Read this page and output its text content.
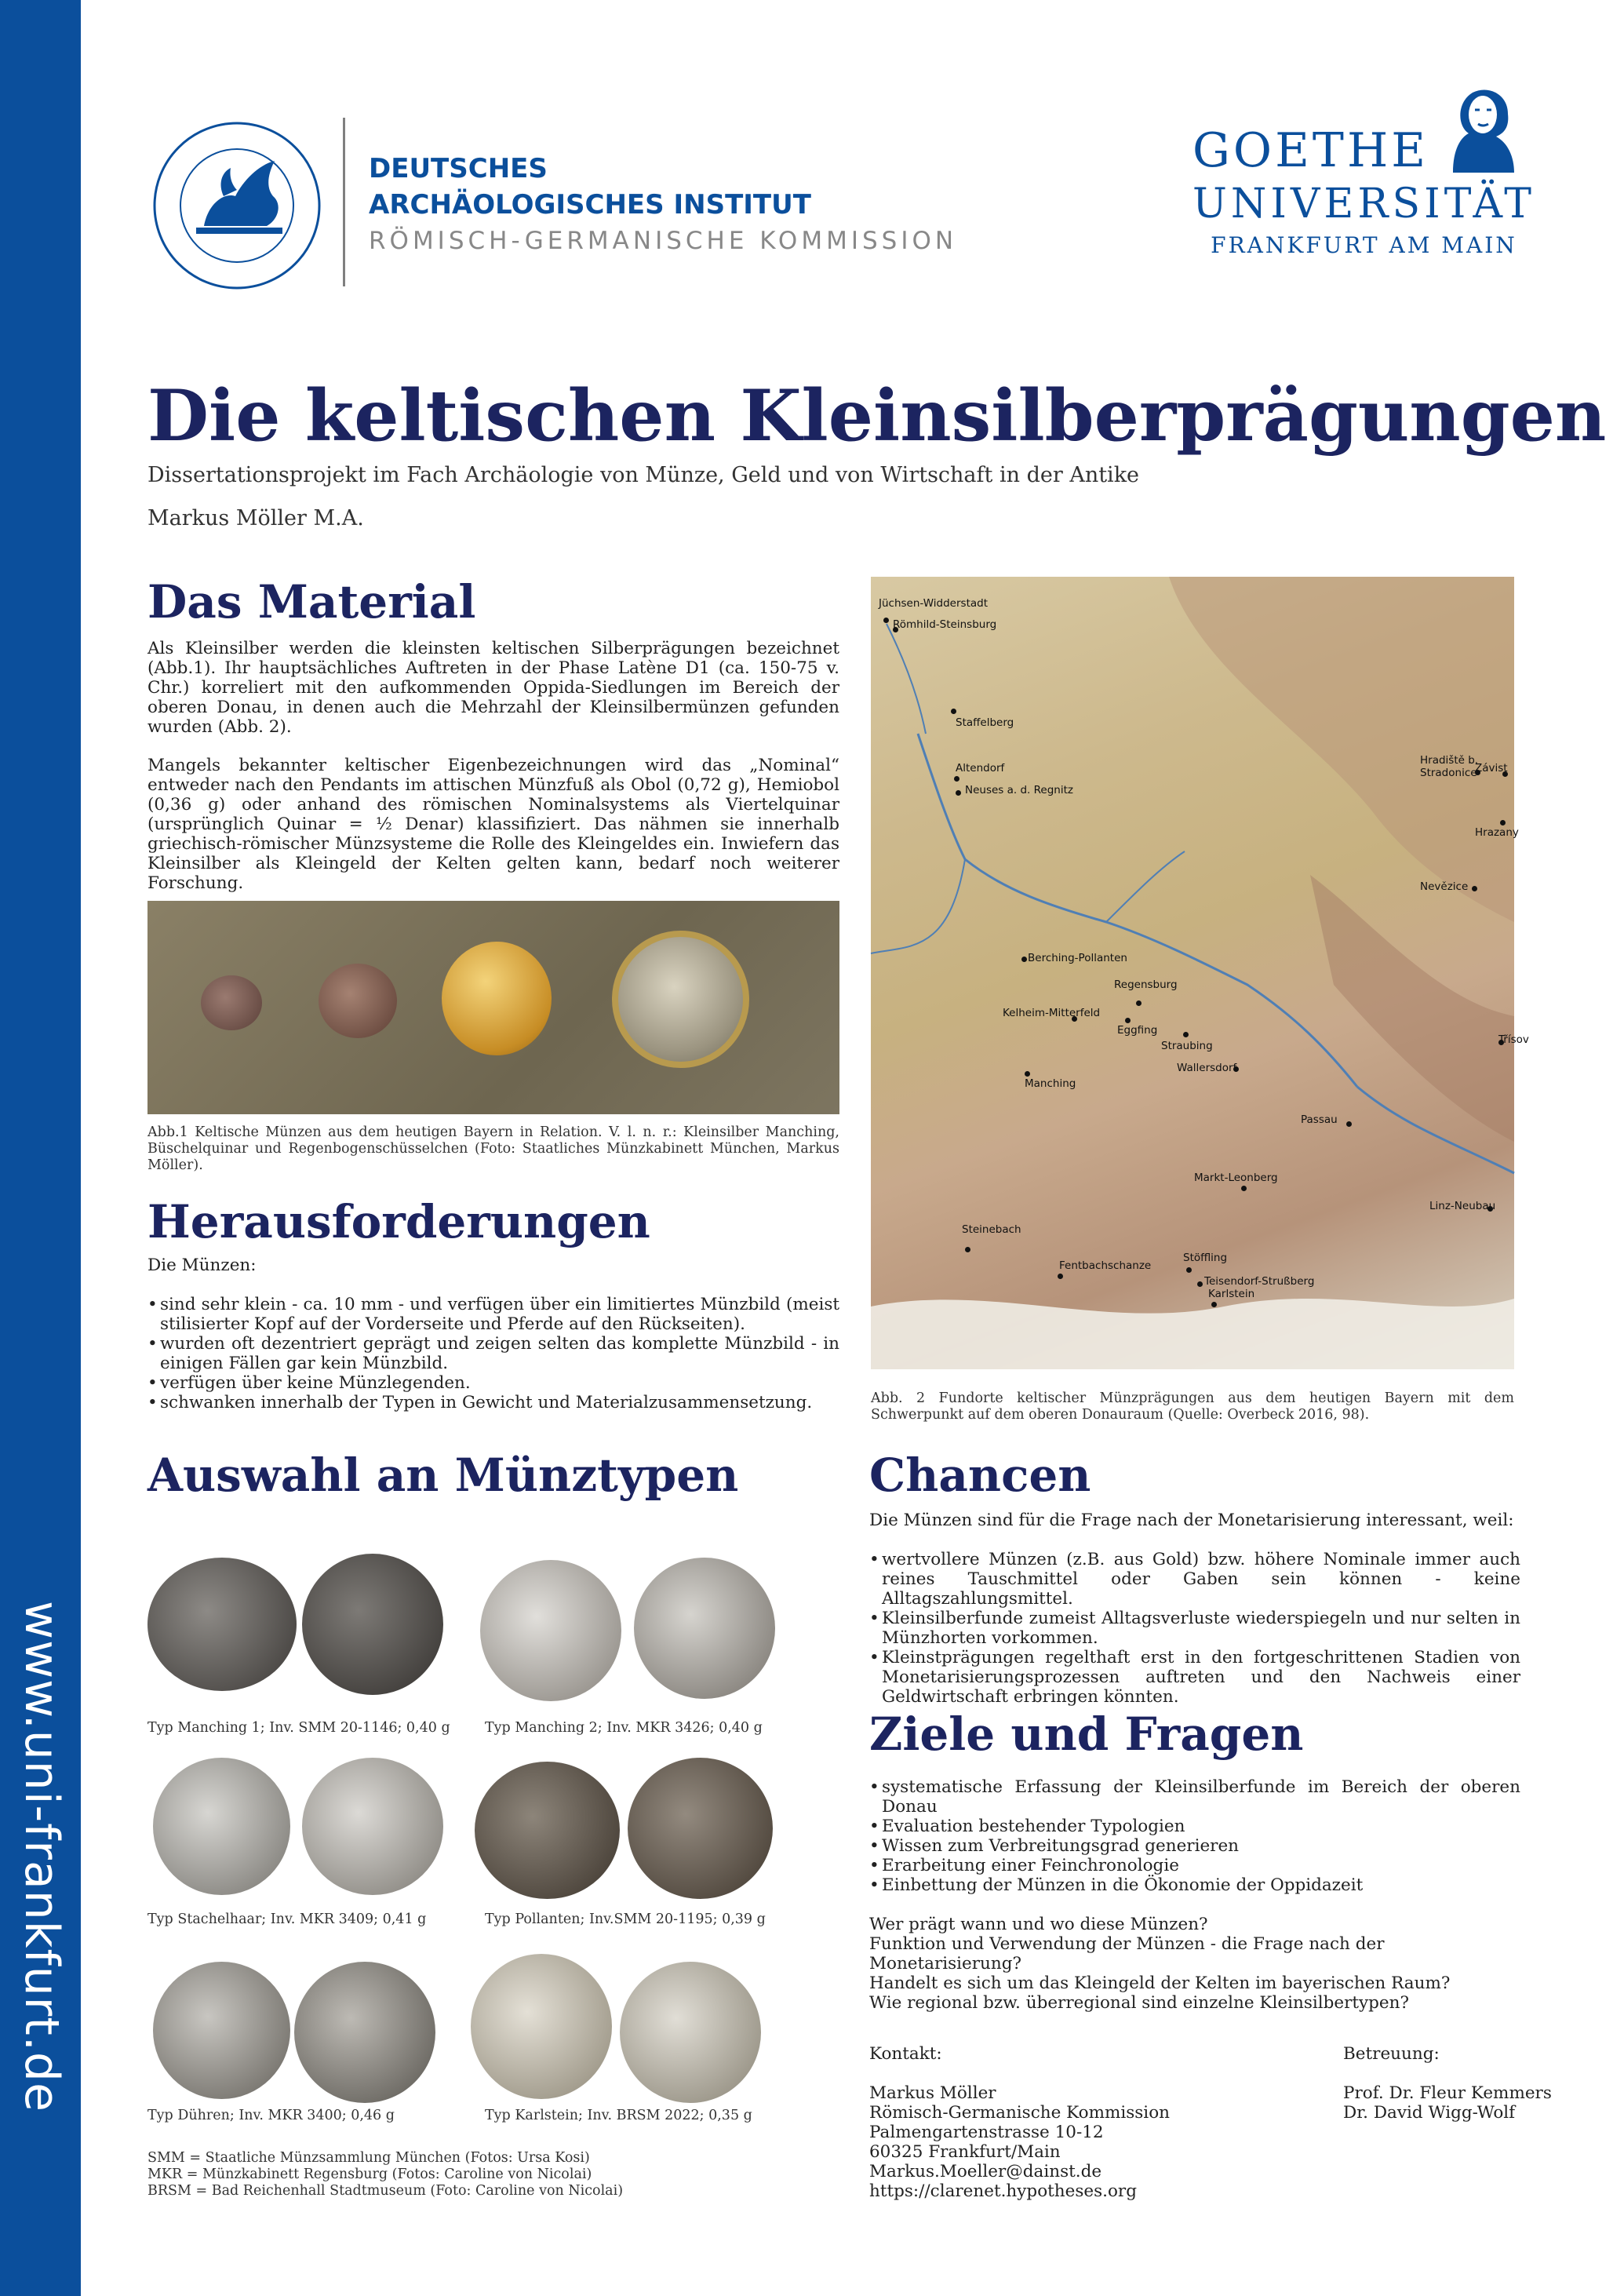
www.uni-frankfurt.de
DEUTSCHES
ARCHÄOLOGISCHES INSTITUT
RÖMISCH-GERMANISCHE KOMMISSION
GOETHE
UNIVERSITÄT
FRANKFURT AM MAIN
Die keltischen Kleinsilberprägungen
Dissertationsprojekt im Fach Archäologie von Münze, Geld und von Wirtschaft in der Antike
Markus Möller M.A.
Das Material

Als Kleinsilber werden die kleinsten keltischen Silberprägungen bezeichnet (Abb.1). Ihr hauptsächliches Auftreten in der Phase Latène D1 (ca. 150-75 v. Chr.) korreliert mit den aufkommenden Oppida-Siedlungen im Bereich der oberen Donau, in denen auch die Mehrzahl der Kleinsilbermünzen gefunden wurden (Abb. 2).

Mangels bekannter keltischer Eigenbezeichnungen wird das „Nominal“ entweder nach den Pendants im attischen Münzfuß als Obol (0,72 g), Hemiobol (0,36 g) oder anhand des römischen Nominalsystems als Viertelquinar (ursprünglich Quinar = ½ Denar) klassifiziert. Das nähmen sie innerhalb griechisch-römischer Münzsysteme die Rolle des Kleingeldes ein. Inwiefern das Kleinsilber als Kleingeld der Kelten gelten kann, bedarf noch weiterer Forschung.

Abb.1 Keltische Münzen aus dem heutigen Bayern in Relation. V. l. n. r.: Kleinsilber Manching, Büschelquinar und Regenbogenschüsselchen (Foto: Staatliches Münzkabinett München, Markus Möller).

Jüchsen-Widderstadt
Römhild-Steinsburg
Staffelberg
Altendorf
Neuses a. d. Regnitz
Hradiště b. Stradonice
Závist
Hrazany
Nevězice
Berching-Pollanten
Regensburg
Kelheim-Mitterfeld
Eggfing
Straubing	Třísov
Manching
Wallersdorf
Passau
Markt-Leonberg
Linz-Neubau
Steinebach
Fentbachschanze
Stöffling
Teisendorf-Strußberg
Karlstein

Abb. 2 Fundorte keltischer Münzprägungen aus dem heutigen Bayern mit dem Schwerpunkt auf dem oberen Donauraum (Quelle: Overbeck 2016, 98).

Herausforderungen
Die Münzen:
• sind sehr klein - ca. 10 mm - und verfügen über ein limitiertes Münzbild (meist stilisierter Kopf auf der Vorderseite und Pferde auf den Rückseiten).
• wurden oft dezentriert geprägt und zeigen selten das komplette Münzbild - in einigen Fällen gar kein Münzbild.
• verfügen über keine Münzlegenden.
• schwanken innerhalb der Typen in Gewicht und Materialzusammensetzung.
Auswahl an Münztypen
Typ Manching 1; Inv. SMM 20-1146; 0,40 g	Typ Manching 2; Inv. MKR 3426; 0,40 g
Typ Stachelhaar; Inv. MKR 3409; 0,41 g	Typ Pollanten; Inv.SMM 20-1195; 0,39 g
Typ Dühren; Inv. MKR 3400; 0,46 g	Typ Karlstein; Inv. BRSM 2022; 0,35 g
SMM = Staatliche Münzsammlung München (Fotos: Ursa Kosi)
MKR = Münzkabinett Regensburg (Fotos: Caroline von Nicolai)
BRSM = Bad Reichenhall Stadtmuseum (Foto: Caroline von Nicolai)
Chancen
Die Münzen sind für die Frage nach der Monetarisierung interessant, weil:
• wertvollere Münzen (z.B. aus Gold) bzw. höhere Nominale immer auch reines Tauschmittel oder Gaben sein können - keine Alltagszahlungsmittel.
• Kleinsilberfunde zumeist Alltagsverluste wiederspiegeln und nur selten in Münzhorten vorkommen.
• Kleinstprägungen regelthaft erst in den fortgeschrittenen Stadien von Monetarisierungsprozessen auftreten und den Nachweis einer Geldwirtschaft erbringen könnten.
Ziele und Fragen
• systematische Erfassung der Kleinsilberfunde im Bereich der oberen Donau
• Evaluation bestehender Typologien
• Wissen zum Verbreitungsgrad generieren
• Erarbeitung einer Feinchronologie
• Einbettung der Münzen in die Ökonomie der Oppidazeit
Wer prägt wann und wo diese Münzen?
Funktion und Verwendung der Münzen - die Frage nach der Monetarisierung?
Handelt es sich um das Kleingeld der Kelten im bayerischen Raum?
Wie regional bzw. überregional sind einzelne Kleinsilbertypen?
Kontakt:
Markus Möller
Römisch-Germanische Kommission
Palmengartenstrasse 10-12
60325 Frankfurt/Main
Markus.Moeller@dainst.de
https://clarenet.hypotheses.org
Betreuung:
Prof. Dr. Fleur Kemmers
Dr. David Wigg-Wolf
